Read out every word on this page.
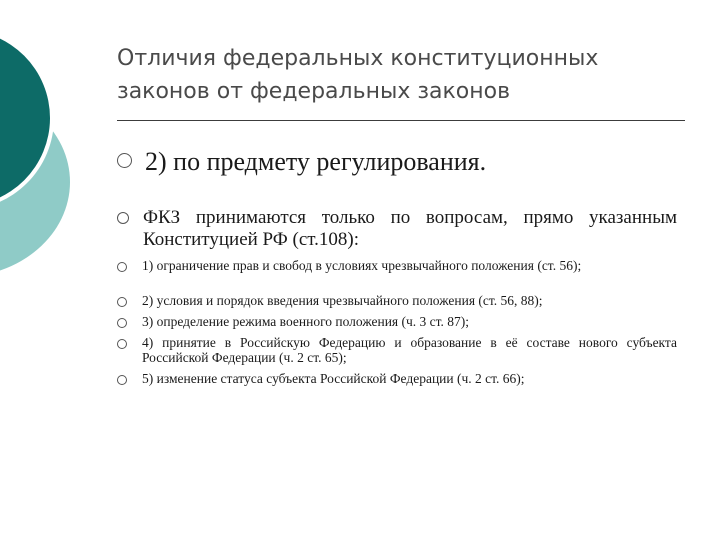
Отличия федеральных конституционных
законов от федеральных законов
2) по предмету регулирования.
ФКЗ принимаются только по вопросам, прямо указанным Конституцией РФ (ст.108):
1) ограничение прав и свобод в условиях чрезвычайного положения (ст. 56);
2) условия и порядок введения чрезвычайного положения (ст. 56, 88);
3) определение режима военного положения (ч. 3 ст. 87);
4) принятие в Российскую Федерацию и образование в её составе нового субъекта Российской Федерации (ч. 2 ст. 65);
5) изменение статуса субъекта Российской Федерации (ч. 2 ст. 66);
